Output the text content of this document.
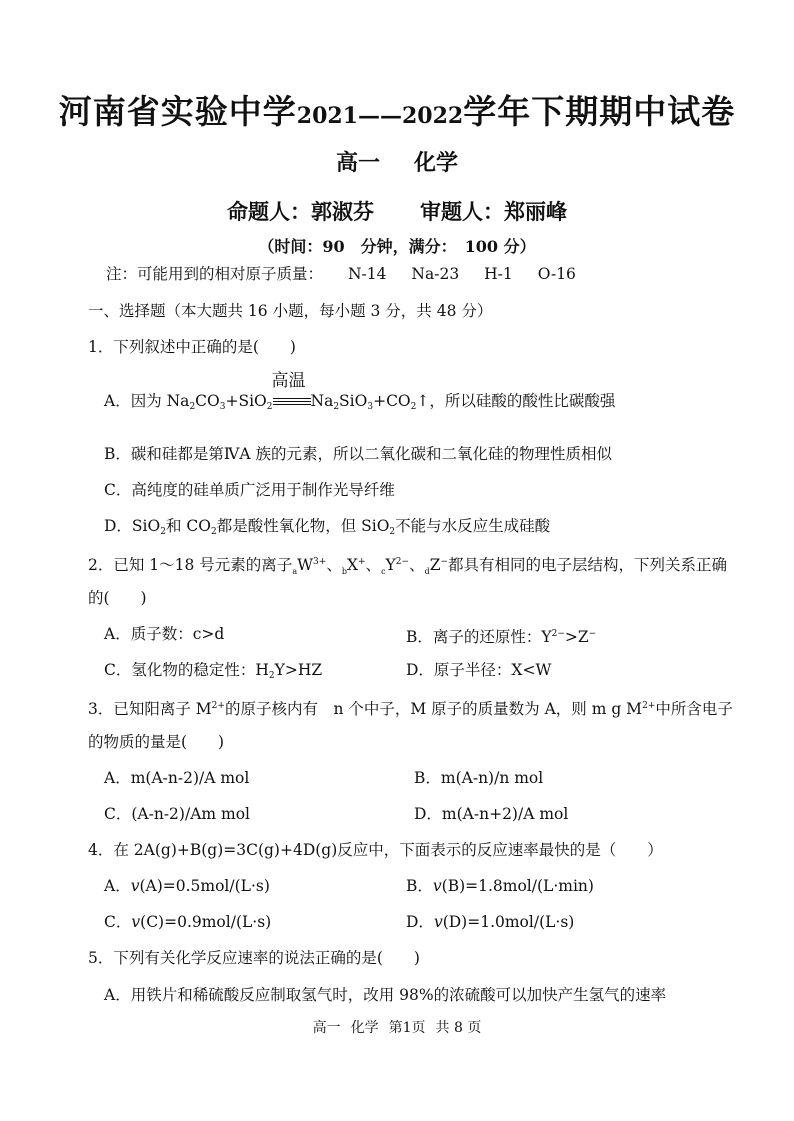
河南省实验中学2021——2022学年下期期中试卷
高一 化学
命题人：郭淑芬 审题人：郑丽峰
（时间：90　分钟，满分：　100 分）
注：可能用到的相对原子质量： N-14 Na-23 H-1 O-16
一、选择题（本大题共 16 小题，每小题 3 分，共 48 分）
1．下列叙述中正确的是(　　)
A．因为 $Na_2CO_3+SiO_2$
高温
$Na_2SiO_3+CO_2↑$，所以硅酸的酸性比碳酸强
B．碳和硅都是第ⅣA 族的元素，所以二氧化碳和二氧化硅的物理性质相似
C．高纯度的硅单质广泛用于制作光导纤维
D．SiO$_2$和 $CO_2$都是酸性氧化物，但 SiO$_2$不能与水反应生成硅酸
2．已知 1～18 号元素的离子$_aW^{3+}$、$_b$X+、$_cY^{2-}$、$_d$Z−都具有相同的电子层结构，下列关系正确
的(　　)
A．质子数：c>d	B．离子的还原性：$Y^{2-}>Z^-$
C．氢化物的稳定性：$H_2Y>HZ$	D．原子半径：X<W
3．已知阳离子 $M^{2+}$的原子核内有　n 个中子，M 原子的质量数为 A，则 m g $M^{2+}$中所含电子
的物质的量是(　　)
A．m(A-n-2)/A mol	B．m(A-n)/n mol
C．(A-n-2)/Am mol	D．m(A-n+2)/A mol
4．在 2A(g)+B(g)=3C(g)+4D(g)反应中，下面表示的反应速率最快的是（　　）
A．v(A)=0.5mol/(L·s)	B．v(B)=1.8mol/(L·min)
C．v(C)=0.9mol/(L·s)	D．v(D)=1.0mol/(L·s)
5．下列有关化学反应速率的说法正确的是(　　)
A．用铁片和稀硫酸反应制取氢气时，改用 98%的浓硫酸可以加快产生氢气的速率
高一 化学 第1页 共 8 页
